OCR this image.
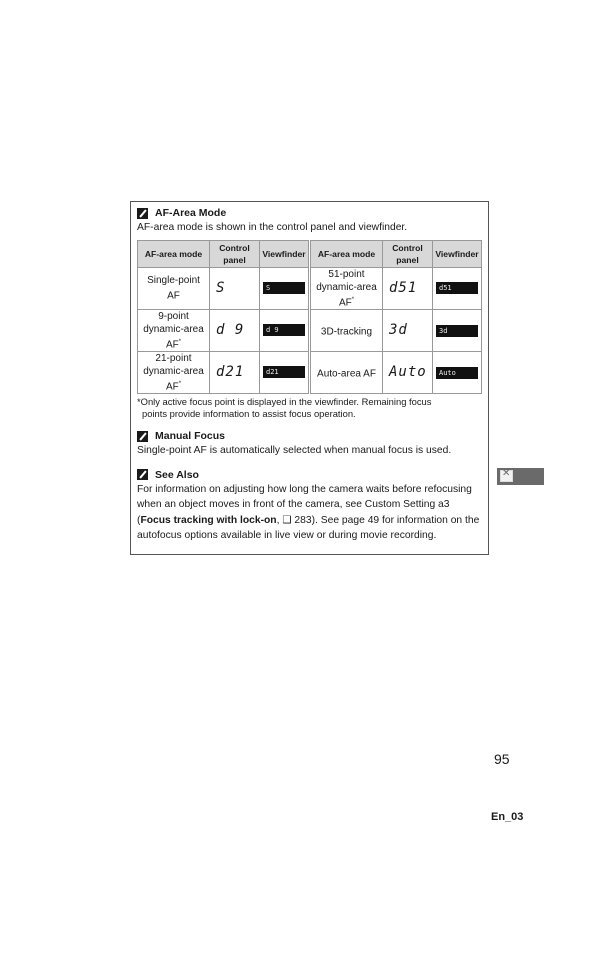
AF-Area Mode
AF-area mode is shown in the control panel and viewfinder.
AF-area mode	Control panel	Viewfinder
Single-point AF	S	S

9-point dynamic-area AF*	d 9	d 9

21-point dynamic-area AF*	d21	d21
AF-area mode	Control panel	Viewfinder
51-point dynamic-area AF*	d51	d51

3D-tracking	3d	3d

Auto-area AF	Auto	Auto
*Only active focus point is displayed in the viewfinder. Remaining focus
points provide information to assist focus operation.
Manual Focus
Single-point AF is automatically selected when manual focus is used.
See Also
For information on adjusting how long the camera waits before refocusing when an object moves in front of the camera, see Custom Setting a3 (Focus tracking with lock-on, ❑ 283). See page 49 for information on the autofocus options available in live view or during movie recording.
✕
95
En_03
